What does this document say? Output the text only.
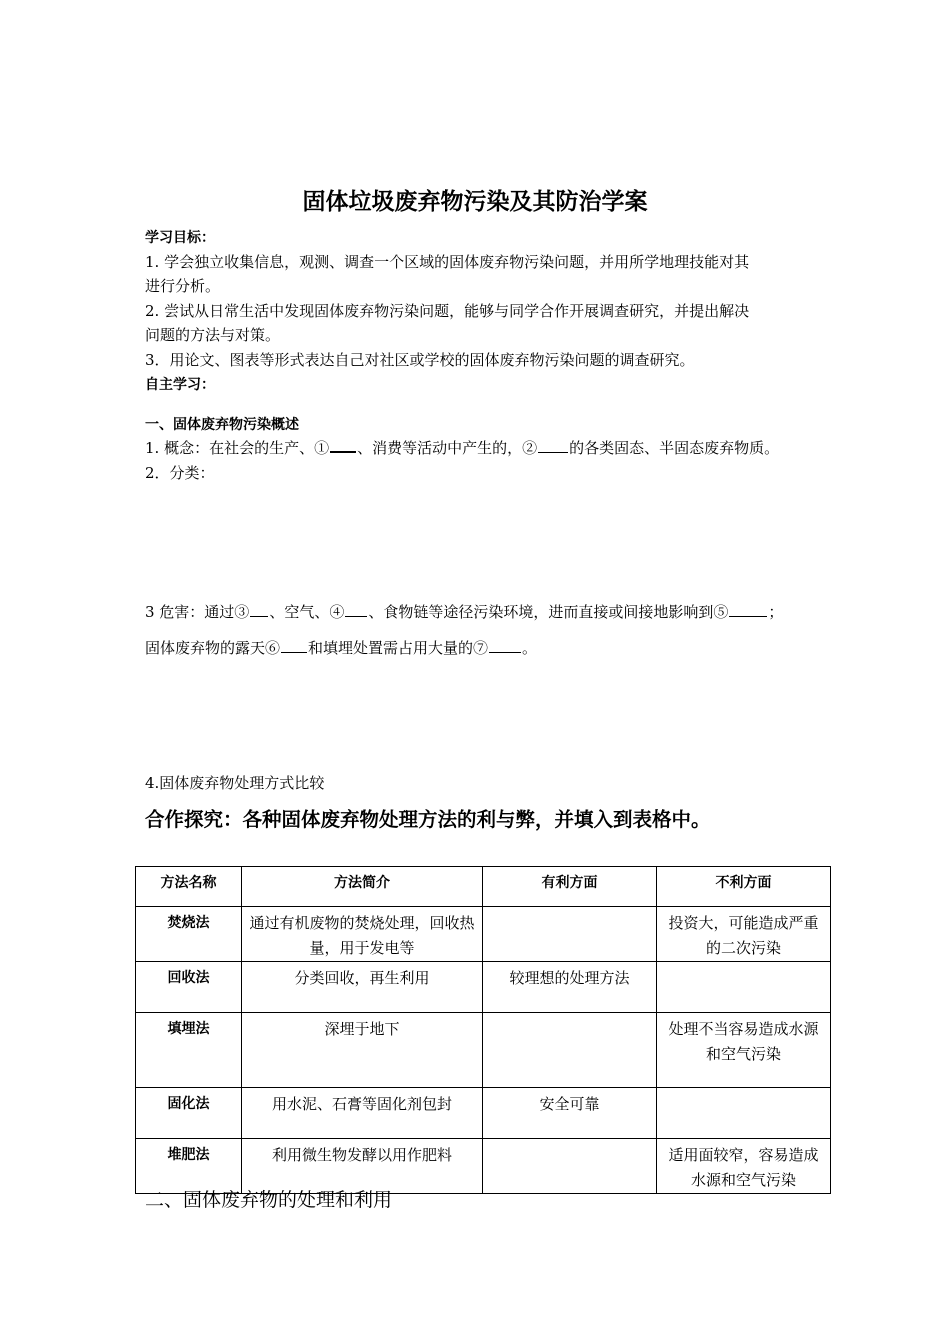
固体垃圾废弃物污染及其防治学案
学习目标：
1. 学会独立收集信息，观测、调查一个区域的固体废弃物污染问题，并用所学地理技能对其
进行分析。
2. 尝试从日常生活中发现固体废弃物污染问题，能够与同学合作开展调查研究，并提出解决
问题的方法与对策。
3．用论文、图表等形式表达自己对社区或学校的固体废弃物污染问题的调查研究。
自主学习：
一、固体废弃物污染概述
1. 概念：在社会的生产、① 、消费等活动中产生的，② 的各类固态、半固态废弃物质。
2．分类：
3 危害：通过③ 、空气、④ 、食物链等途径污染环境，进而直接或间接地影响到⑤	；
固体废弃物的露天⑥ 和填埋处置需占用大量的⑦ 。
4.固体废弃物处理方式比较
合作探究：各种固体废弃物处理方法的利与弊，并填入到表格中。
方法名称	方法简介	有利方面	不利方面
焚烧法	通过有机废物的焚烧处理，回收热量，用于发电等		投资大，可能造成严重的二次污染
回收法	分类回收，再生利用	较理想的处理方法	
填埋法	深埋于地下		处理不当容易造成水源和空气污染
固化法	用水泥、石膏等固化剂包封	安全可靠	
堆肥法	利用微生物发酵以用作肥料		适用面较窄，容易造成水源和空气污染
二、固体废弃物的处理和利用
